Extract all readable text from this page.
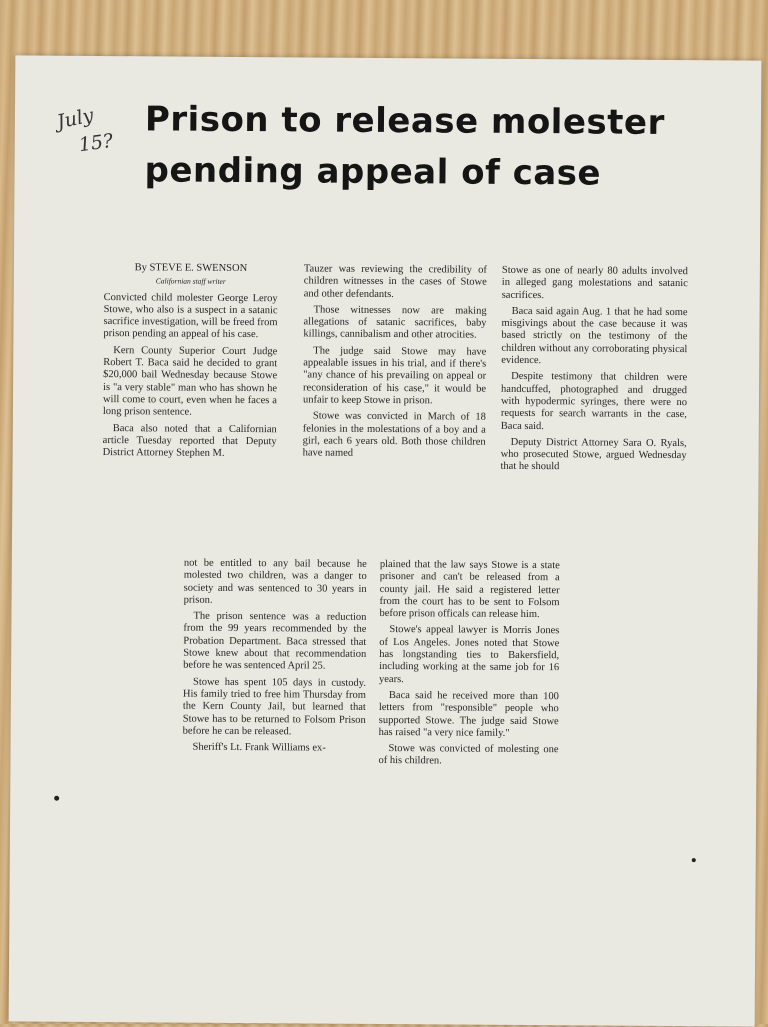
July
15?
Prison to release molester pending appeal of case
By STEVE E. SWENSON
Californian staff writer

Convicted child molester George Leroy Stowe, who also is a suspect in a satanic sacrifice investigation, will be freed from prison pending an appeal of his case.

Kern County Superior Court Judge Robert T. Baca said he decided to grant $20,000 bail Wednesday because Stowe is "a very stable" man who has shown he will come to court, even when he faces a long prison sentence.

Baca also noted that a Californian article Tuesday reported that Deputy District Attorney Stephen M.

Tauzer was reviewing the credibility of children witnesses in the cases of Stowe and other defendants.

Those witnesses now are making allegations of satanic sacrifices, baby killings, cannibalism and other atrocities.

The judge said Stowe may have appealable issues in his trial, and if there's "any chance of his prevailing on appeal or reconsideration of his case," it would be unfair to keep Stowe in prison.

Stowe was convicted in March of 18 felonies in the molestations of a boy and a girl, each 6 years old. Both those children have named

Stowe as one of nearly 80 adults involved in alleged gang molestations and satanic sacrifices.

Baca said again Aug. 1 that he had some misgivings about the case because it was based strictly on the testimony of the children without any corroborating physical evidence.

Despite testimony that children were handcuffed, photographed and drugged with hypodermic syringes, there were no requests for search warrants in the case, Baca said.

Deputy District Attorney Sara O. Ryals, who prosecuted Stowe, argued Wednesday that he should

not be entitled to any bail because he molested two children, was a danger to society and was sentenced to 30 years in prison.

The prison sentence was a reduction from the 99 years recommended by the Probation Department. Baca stressed that Stowe knew about that recommendation before he was sentenced April 25.

Stowe has spent 105 days in custody. His family tried to free him Thursday from the Kern County Jail, but learned that Stowe has to be returned to Folsom Prison before he can be released.

Sheriff's Lt. Frank Williams ex-

plained that the law says Stowe is a state prisoner and can't be released from a county jail. He said a registered letter from the court has to be sent to Folsom before prison officals can release him.

Stowe's appeal lawyer is Morris Jones of Los Angeles. Jones noted that Stowe has longstanding ties to Bakersfield, including working at the same job for 16 years.

Baca said he received more than 100 letters from "responsible" people who supported Stowe. The judge said Stowe has raised "a very nice family."

Stowe was convicted of molesting one of his children.
